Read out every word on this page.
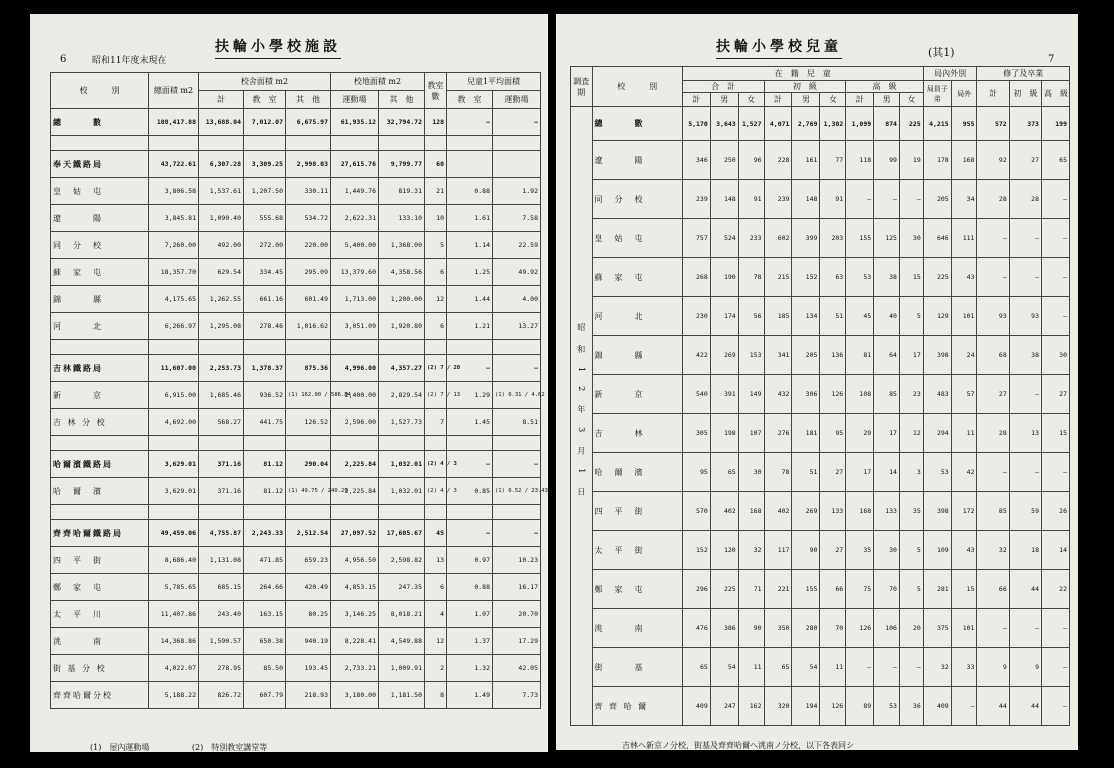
6	昭和11年度末現在
扶輪小學校施設
校　　　別	總面積 m2	校舍面積 m2			校地面積 m2		教室數	兒童1平均面積	
		計	教　室	其　他	運動場	其　他		教　室	運動場
總　　　數	108,417.88	13,688.04	7,012.07	6,675.97	61,935.12	32,794.72	128	—	—

奉天鐵路局	43,722.61	6,307.28	3,309.25	2,998.03	27,615.76	9,799.77	60		
皇　姑　屯	3,806.58	1,537.61	1,207.50	330.11	1,449.76	819.31	21	0.88	1.92
遼　　　陽	3,845.81	1,090.40	555.68	534.72	2,622.31	133.10	10	1.61	7.58
同　分　校	7,260.00	492.00	272.00	220.00	5,400.00	1,368.00	5	1.14	22.59
蘇　家　屯	18,357.70	629.54	334.45	295.09	13,379.60	4,358.56	6	1.25	49.92
錦　　　縣	4,175.65	1,262.55	661.16	601.49	1,713.00	1,200.00	12	1.44	4.00
河　　　北	6,266.97	1,295.08	278.46	1,016.62	3,051.09	1,920.80	6	1.21	13.27

吉林鐵路局	11,607.00	2,253.73	1,378.37	875.36	4,996.00	4,357.27	(2) 7 / 20	—	—
新　　　京	6,915.00	1,685.46	936.52	(1) 162.00 / 586.84	2,400.00	2,829.54	(2) 7 / 13	1.29	(1) 0.31 / 4.62
吉 林 分 校	4,692.00	568.27	441.75	126.52	2,596.00	1,527.73	7	1.45	8.51

哈爾濱鐵路局	3,629.01	371.16	81.12	290.04	2,225.84	1,032.01	(2) 4 / 3	—	—
哈　爾　濱	3,629.01	371.16	81.12	(1) 49.75 / 240.29	2,225.84	1,032.01	(2) 4 / 3	0.85	(1) 0.52 / 23.43

齊齊哈爾鐵路局	49,459.06	4,755.87	2,243.33	2,512.54	27,097.52	17,605.67	45	—	—
四　平　街	8,686.40	1,131.08	471.85	659.23	4,956.50	2,598.82	13	0.97	10.23
鄭　家　屯	5,785.65	685.15	264.66	420.49	4,853.15	247.35	6	0.88	16.17
太　平　川	11,407.86	243.40	163.15	80.25	3,146.25	8,018.21	4	1.07	20.70
洮　　　南	14,368.86	1,590.57	650.38	940.19	8,228.41	4,549.88	12	1.37	17.29
街 基 分 校	4,022.07	278.95	85.50	193.45	2,733.21	1,009.91	2	1.32	42.05
齊齊哈爾分校	5,188.22	826.72	607.79	218.93	3,180.00	1,181.50	8	1.49	7.73
(1)　屋內運動場	(2)　特別教室講堂等
扶輪小學校兒童	(其1)
7
調査期	校　　　別	在　籍　兒　童									局內外別		修了及卒業		
		合　計			初　級			高　級			局員子弟	局外	計	初　級	高　級
		計	男	女	計	男	女	計	男	女					
昭和12年3月1日	總　　　數	5,170	3,643	1,527	4,071	2,769	1,302	1,099	874	225	4,215	955	572	373	199
	遼　　　陽	346	250	96	228	161	77	118	99	19	178	168	92	27	65
	同　分　校	239	148	91	239	148	91	—	—	—	205	34	28	28	—
	皇　姑　屯	757	524	233	602	399	203	155	125	30	646	111	—	—	—
	蘇　家　屯	268	190	78	215	152	63	53	38	15	225	43	—	—	—
	河　　　北	230	174	56	185	134	51	45	40	5	129	101	93	93	—
	錦　　　縣	422	269	153	341	205	136	81	64	17	398	24	68	38	30
	新　　　京	540	391	149	432	306	126	108	85	23	483	57	27	—	27
	吉　　　林	305	198	107	276	181	95	29	17	12	294	11	28	13	15
	哈　爾　濱	95	65	30	78	51	27	17	14	3	53	42	—	—	—
	四　平　街	570	402	168	402	269	133	168	133	35	398	172	85	59	26
	太　平　街	152	120	32	117	90	27	35	30	5	109	43	32	18	14
	鄭　家　屯	296	225	71	221	155	66	75	70	5	281	15	66	44	22
	洮　　　南	476	386	90	350	280	70	126	106	20	375	101	—	—	—
	街　　　基	65	54	11	65	54	11	—	—	—	32	33	9	9	—
	齊 齊 哈 爾	409	247	162	320	194	126	89	53	36	409	—	44	44	—
吉林ヘ新京ノ分校，街基及齊齊哈爾ヘ洮南ノ分校，以下各表同シ
